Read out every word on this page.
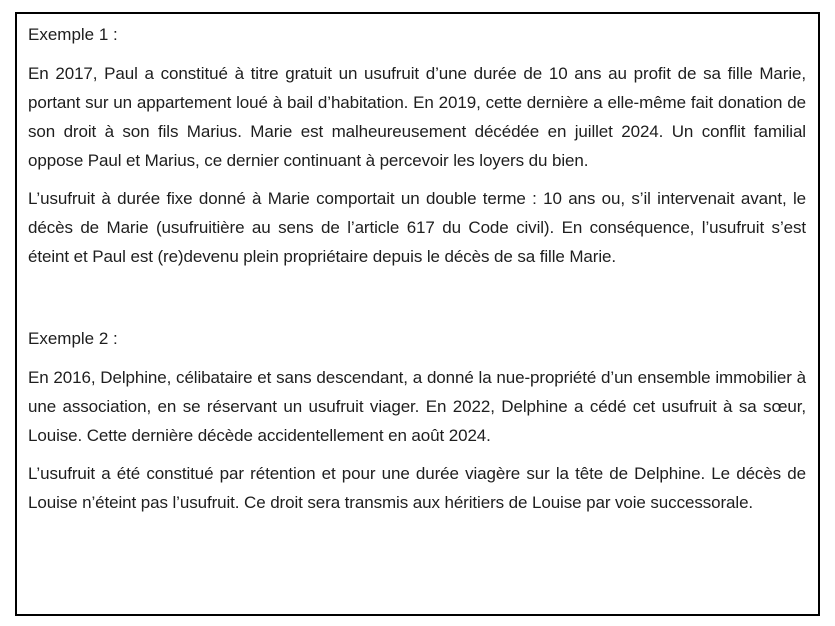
Exemple 1 :

En 2017, Paul a constitué à titre gratuit un usufruit d’une durée de 10 ans au profit de sa fille Marie, portant sur un appartement loué à bail d’habitation. En 2019, cette dernière a elle-même fait donation de son droit à son fils Marius. Marie est malheureusement décédée en juillet 2024. Un conflit familial oppose Paul et Marius, ce dernier continuant à percevoir les loyers du bien.

L’usufruit à durée fixe donné à Marie comportait un double terme : 10 ans ou, s’il intervenait avant, le décès de Marie (usufruitière au sens de l’article 617 du Code civil). En conséquence, l’usufruit s’est éteint et Paul est (re)devenu plein propriétaire depuis le décès de sa fille Marie.

Exemple 2 :

En 2016, Delphine, célibataire et sans descendant, a donné la nue-propriété d’un ensemble immobilier à une association, en se réservant un usufruit viager. En 2022, Delphine a cédé cet usufruit à sa sœur, Louise. Cette dernière décède accidentellement en août 2024.

L’usufruit a été constitué par rétention et pour une durée viagère sur la tête de Delphine. Le décès de Louise n’éteint pas l’usufruit. Ce droit sera transmis aux héritiers de Louise par voie successorale.
